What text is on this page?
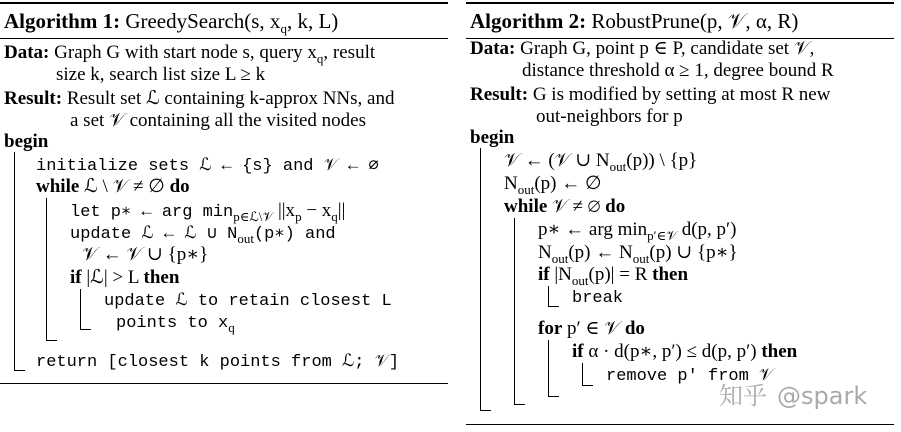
Algorithm 1: GreedySearch(s, $x_q$, k, L)
Data: Graph G with start node s, query $x_q$, result
size k, search list size L ≥ k
Result: Result set ℒ containing k-approx NNs, and
a set 𝒱 containing all the visited nodes
begin
initialize sets ℒ ← {s} and 𝒱 ← ∅
while ℒ \ 𝒱 ≠ ∅ do
let p∗ ← arg $\min_{p\in ℒ\backslash 𝒱} ||x_p - x_q||$
update ℒ ← ℒ ∪ $N_{out}(p∗)$ and
𝒱 ← 𝒱 ∪ {p∗}
if |ℒ| > L then
update ℒ to retain closest L
points to $x_q$
return [closest k points from ℒ; 𝒱]
Algorithm 2: RobustPrune(p, 𝒱, α, R)
Data: Graph G, point p ∈ P, candidate set 𝒱,
distance threshold α ≥ 1, degree bound R
Result: G is modified by setting at most R new
out-neighbors for p
begin
𝒱 ← (𝒱 ∪ $N_{out}(p)$) \ {p}
$N_{out}(p)$ ← ∅
while 𝒱 ≠ ∅ do
p∗ ← arg $\min_{p'\in 𝒱} d(p$, p′)
$N_{out}(p)$ ← $N_{out}(p)$ ∪ {p∗}
if $|N_{out}(p)| = R$ then
break
for p′ ∈ 𝒱 do
if α · d(p∗, p′) ≤ d(p, p′) then
remove p′ from 𝒱
知乎 @spark
